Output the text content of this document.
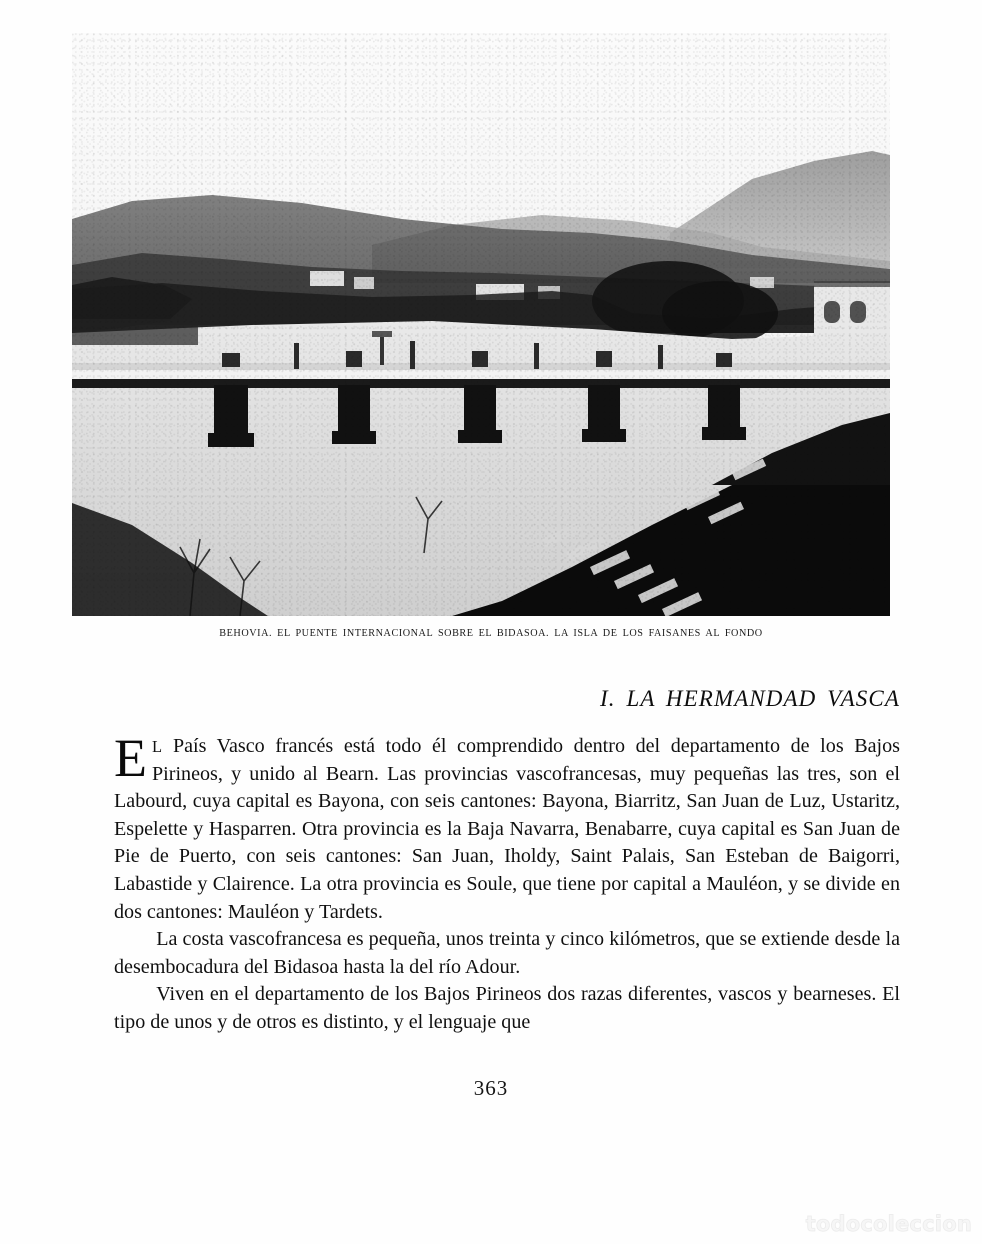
BEHOVIA. EL PUENTE INTERNACIONAL SOBRE EL BIDASOA. LA ISLA DE LOS FAISANES AL FONDO
I. LA HERMANDAD VASCA

E L País Vasco francés está todo él comprendido dentro del departamento de los Bajos Pirineos, y unido al Bearn. Las provincias vascofrancesas, muy pequeñas las tres, son el Labourd, cuya capital es Bayona, con seis cantones: Bayona, Biarritz, San Juan de Luz, Ustaritz, Espelette y Hasparren. Otra provincia es la Baja Navarra, Benabarre, cuya capital es San Juan de Pie de Puerto, con seis cantones: San Juan, Iholdy, Saint Palais, San Esteban de Baigorri, Labastide y Clairence. La otra provincia es Soule, que tiene por capital a Mauléon, y se divide en dos cantones: Mauléon y Tardets.

La costa vascofrancesa es pequeña, unos treinta y cinco kilómetros, que se extiende desde la desembocadura del Bidasoa hasta la del río Adour.

Viven en el departamento de los Bajos Pirineos dos razas diferentes, vascos y bearneses. El tipo de unos y de otros es distinto, y el lenguaje que

363
todocoleccion
